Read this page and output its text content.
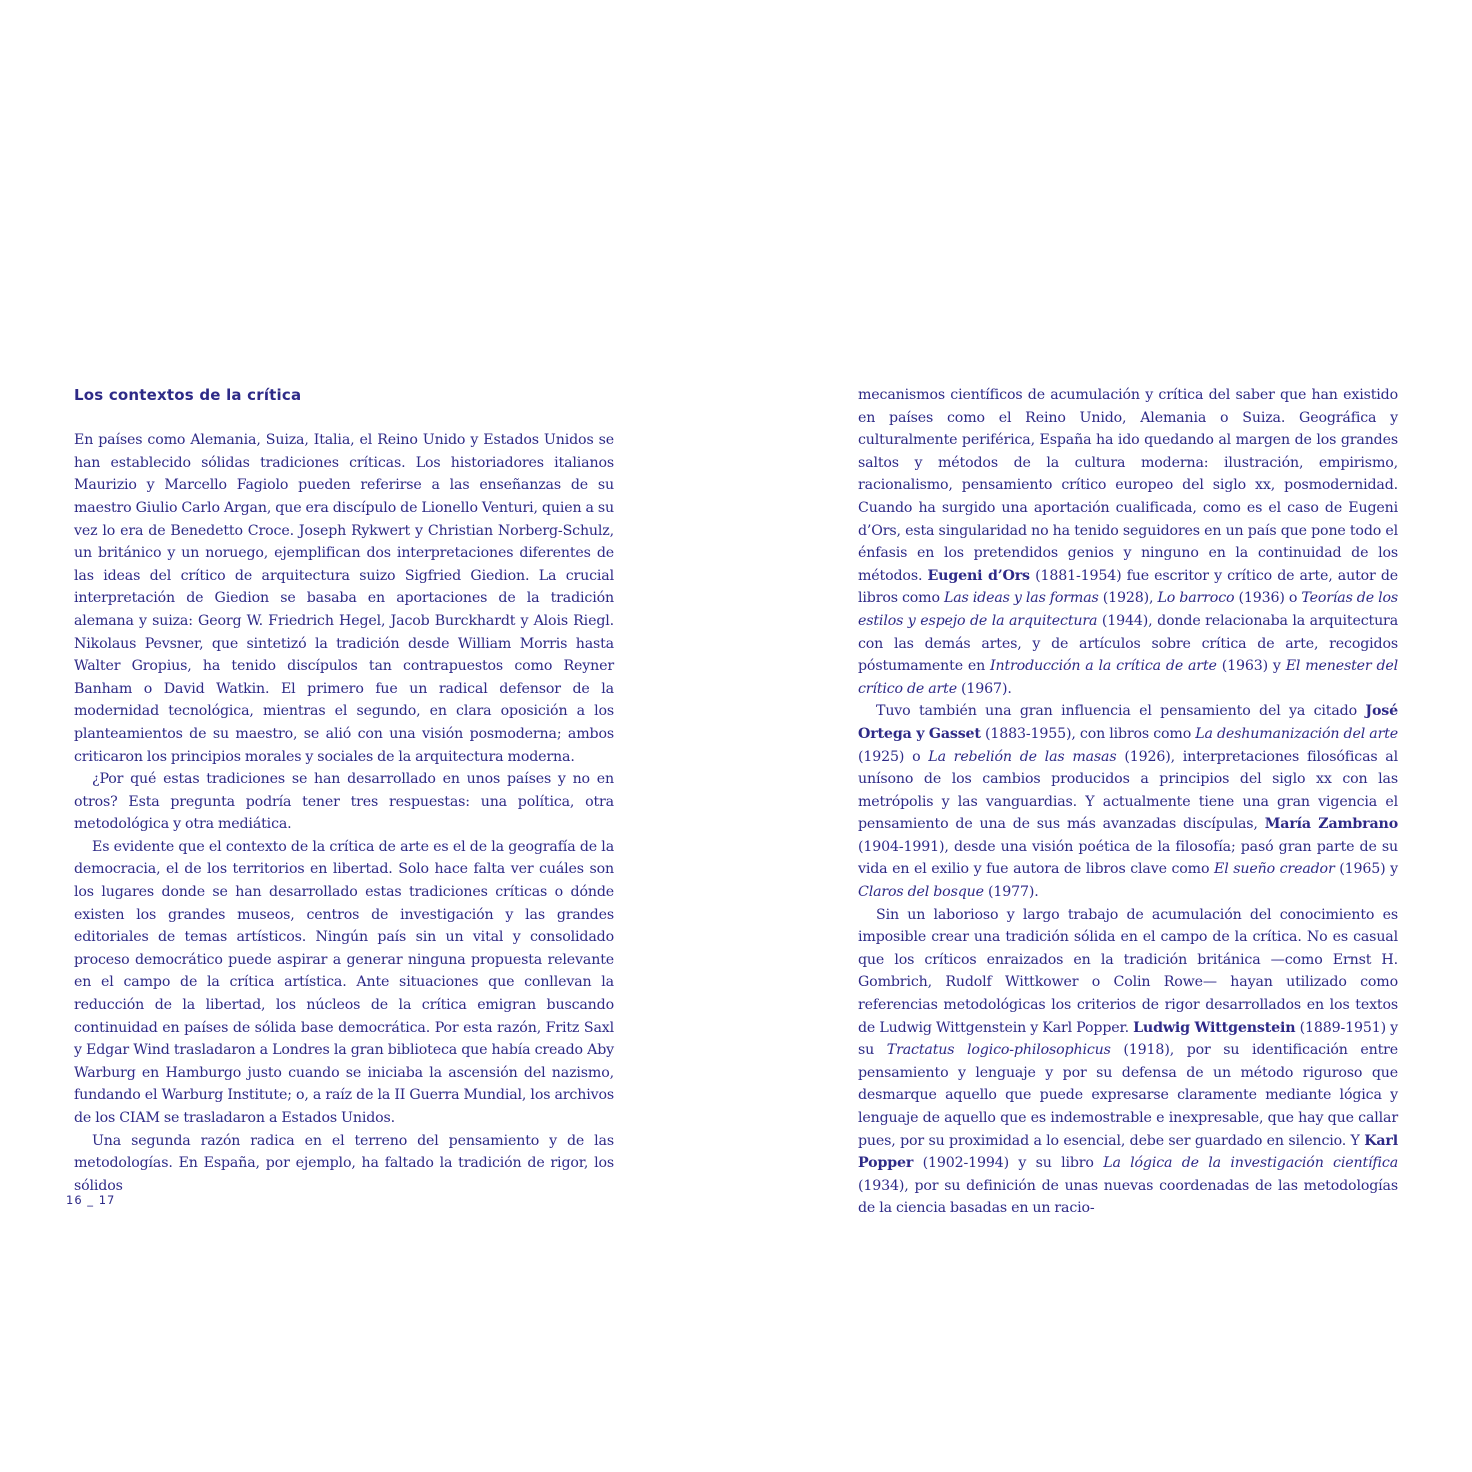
Los contextos de la crítica

En países como Alemania, Suiza, Italia, el Reino Unido y Estados Unidos se han establecido sólidas tradiciones críticas. Los historiadores italianos Maurizio y Marcello Fagiolo pueden referirse a las enseñanzas de su maestro Giulio Carlo Argan, que era discípulo de Lionello Venturi, quien a su vez lo era de Benedetto Croce. Joseph Rykwert y Christian Norberg-Schulz, un británico y un noruego, ejemplifican dos interpretaciones diferentes de las ideas del crítico de arquitectura suizo Sigfried Giedion. La crucial interpretación de Giedion se basaba en aportaciones de la tradición alemana y suiza: Georg W. Friedrich Hegel, Jacob Burckhardt y Alois Riegl. Nikolaus Pevsner, que sintetizó la tradición desde William Morris hasta Walter Gropius, ha tenido discípulos tan contrapuestos como Reyner Banham o David Watkin. El primero fue un radical defensor de la modernidad tecnológica, mientras el segundo, en clara oposición a los planteamientos de su maestro, se alió con una visión posmoderna; ambos criticaron los principios morales y sociales de la arquitectura moderna.

¿Por qué estas tradiciones se han desarrollado en unos países y no en otros? Esta pregunta podría tener tres respuestas: una política, otra metodológica y otra mediática.

Es evidente que el contexto de la crítica de arte es el de la geografía de la democracia, el de los territorios en libertad. Solo hace falta ver cuáles son los lugares donde se han desarrollado estas tradiciones críticas o dónde existen los grandes museos, centros de investigación y las grandes editoriales de temas artísticos. Ningún país sin un vital y consolidado proceso democrático puede aspirar a generar ninguna propuesta relevante en el campo de la crítica artística. Ante situaciones que conllevan la reducción de la libertad, los núcleos de la crítica emigran buscando continuidad en países de sólida base democrática. Por esta razón, Fritz Saxl y Edgar Wind trasladaron a Londres la gran biblioteca que había creado Aby Warburg en Hamburgo justo cuando se iniciaba la ascensión del nazismo, fundando el Warburg Institute; o, a raíz de la II Guerra Mundial, los archivos de los CIAM se trasladaron a Estados Unidos.

Una segunda razón radica en el terreno del pensamiento y de las metodologías. En España, por ejemplo, ha faltado la tradición de rigor, los sólidos

mecanismos científicos de acumulación y crítica del saber que han existido en países como el Reino Unido, Alemania o Suiza. Geográfica y culturalmente periférica, España ha ido quedando al margen de los grandes saltos y métodos de la cultura moderna: ilustración, empirismo, racionalismo, pensamiento crítico europeo del siglo xx, posmodernidad. Cuando ha surgido una aportación cualificada, como es el caso de Eugeni d’Ors, esta singularidad no ha tenido seguidores en un país que pone todo el énfasis en los pretendidos genios y ninguno en la continuidad de los métodos. Eugeni d’Ors (1881-1954) fue escritor y crítico de arte, autor de libros como Las ideas y las formas (1928), Lo barroco (1936) o Teorías de los estilos y espejo de la arquitectura (1944), donde relacionaba la arquitectura con las demás artes, y de artículos sobre crítica de arte, recogidos póstumamente en Introducción a la crítica de arte (1963) y El menester del crítico de arte (1967).

Tuvo también una gran influencia el pensamiento del ya citado José Ortega y Gasset (1883-1955), con libros como La deshumanización del arte (1925) o La rebelión de las masas (1926), interpretaciones filosóficas al unísono de los cambios producidos a principios del siglo xx con las metrópolis y las vanguardias. Y actualmente tiene una gran vigencia el pensamiento de una de sus más avanzadas discípulas, María Zambrano (1904-1991), desde una visión poética de la filosofía; pasó gran parte de su vida en el exilio y fue autora de libros clave como El sueño creador (1965) y Claros del bosque (1977).

Sin un laborioso y largo trabajo de acumulación del conocimiento es imposible crear una tradición sólida en el campo de la crítica. No es casual que los críticos enraizados en la tradición británica —como Ernst H. Gombrich, Rudolf Wittkower o Colin Rowe— hayan utilizado como referencias metodológicas los criterios de rigor desarrollados en los textos de Ludwig Wittgenstein y Karl Popper. Ludwig Wittgenstein (1889-1951) y su Tractatus logico-philosophicus (1918), por su identificación entre pensamiento y lenguaje y por su defensa de un método riguroso que desmarque aquello que puede expresarse claramente mediante lógica y lenguaje de aquello que es indemostrable e inexpresable, que hay que callar pues, por su proximidad a lo esencial, debe ser guardado en silencio. Y Karl Popper (1902-1994) y su libro La lógica de la investigación científica (1934), por su definición de unas nuevas coordenadas de las metodologías de la ciencia basadas en un racio-

16 _ 17
